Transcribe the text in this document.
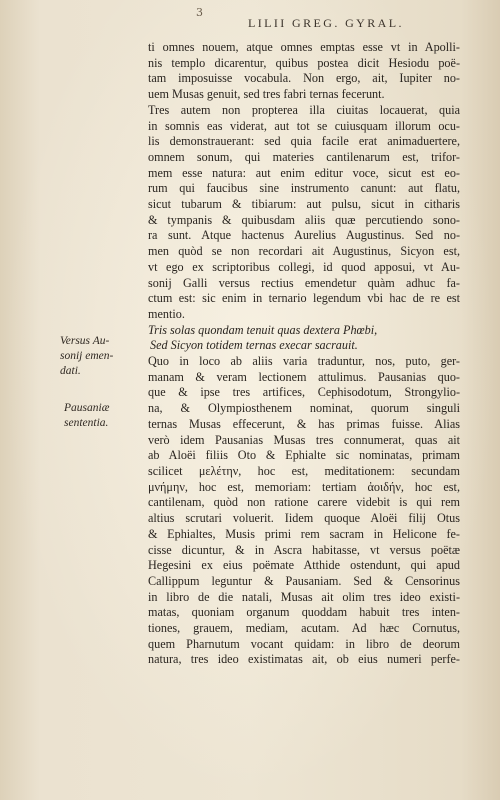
3
LILII GREG. GYRAL.
Versus Au-
sonij emen-
dati.
Pausaniæ
sententia.
ti omnes nouem, atque omnes emptas esse vt in Apolli-
nis templo dicarentur, quibus postea dicit Hesiodu poë-
tam imposuisse vocabula. Non ergo, ait, Iupiter no-
uem Musas genuit, sed tres fabri ternas fecerunt.
Tres autem non propterea illa ciuitas locauerat, quia
in somnis eas viderat, aut tot se cuiusquam illorum ocu-
lis demonstrauerant: sed quia facile erat animaduertere,
omnem sonum, qui materies cantilenarum est, trifor-
mem esse natura: aut enim editur voce, sicut est eo-
rum qui faucibus sine instrumento canunt: aut flatu,
sicut tubarum & tibiarum: aut pulsu, sicut in citharis
& tympanis & quibusdam aliis quæ percutiendo sono-
ra sunt. Atque hactenus Aurelius Augustinus. Sed no-
men quòd se non recordari ait Augustinus, Sicyon est,
vt ego ex scriptoribus collegi, id quod apposui, vt Au-
sonij Galli versus rectius emendetur quàm adhuc fa-
ctum est: sic enim in ternario legendum vbi hac de re est
mentio.
Tris solas quondam tenuit quas dextera Phœbi,
Sed Sicyon totidem ternas execar sacrauit.
Quo in loco ab aliis varia traduntur, nos, puto, ger-
manam & veram lectionem attulimus. Pausanias quo-
que & ipse tres artifices, Cephisodotum, Strongylio-
na, & Olympiosthenem nominat, quorum singuli
ternas Musas effecerunt, & has primas fuisse. Alias
verò idem Pausanias Musas tres connumerat, quas ait
ab Aloëi filiis Oto & Ephialte sic nominatas, primam
scilicet μελέτην, hoc est, meditationem: secundam
μνήμην, hoc est, memoriam: tertiam ἀοιδήν, hoc est,
cantilenam, quòd non ratione carere videbit is qui rem
altius scrutari voluerit. Iidem quoque Aloëi filij Otus
& Ephialtes, Musis primi rem sacram in Helicone fe-
cisse dicuntur, & in Ascra habitasse, vt versus poëtæ
Hegesini ex eius poëmate Atthide ostendunt, qui apud
Callippum leguntur & Pausaniam. Sed & Censorinus
in libro de die natali, Musas ait olim tres ideo existi-
matas, quoniam organum quoddam habuit tres inten-
tiones, grauem, mediam, acutam. Ad hæc Cornutus,
quem Pharnutum vocant quidam: in libro de deorum
natura, tres ideo existimatas ait, ob eius numeri perfe-
